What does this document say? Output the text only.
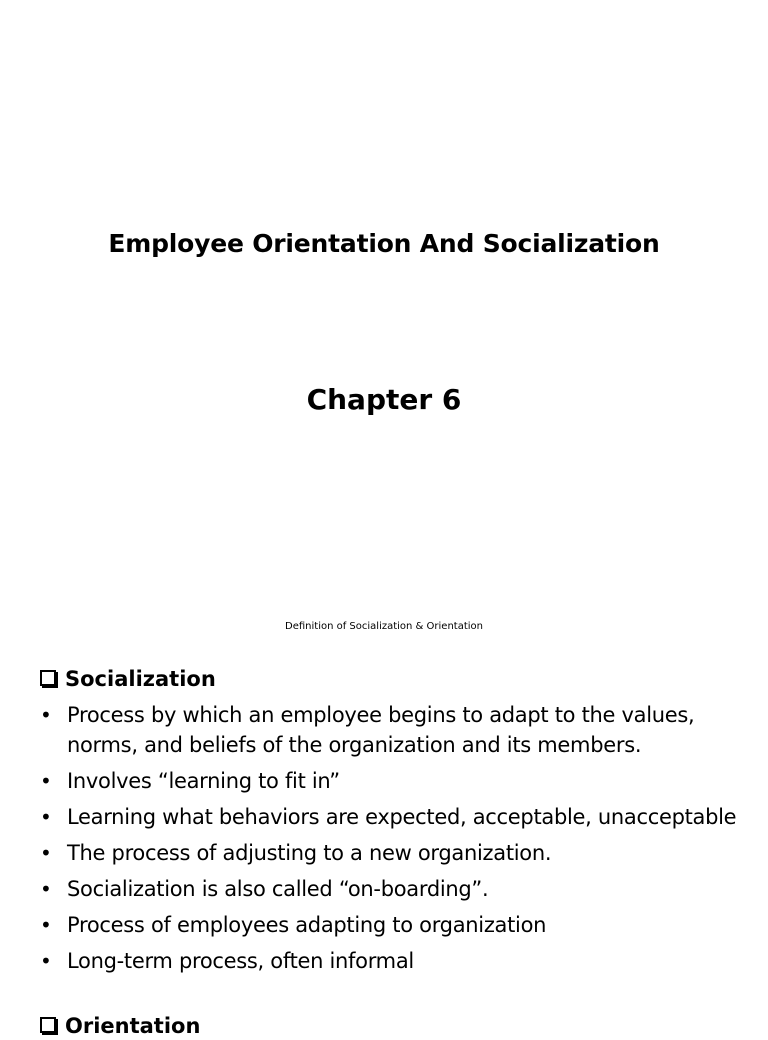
Employee Orientation And Socialization
Chapter 6
Definition of Socialization & Orientation
Socialization
• Process by which an employee begins to adapt to the values, norms, and beliefs of the organization and its members.
• Involves “learning to fit in”
• Learning what behaviors are expected, acceptable, unacceptable
• The process of adjusting to a new organization.
• Socialization is also called “on-boarding”.
• Process of employees adapting to organization
• Long-term process, often informal
Orientation
